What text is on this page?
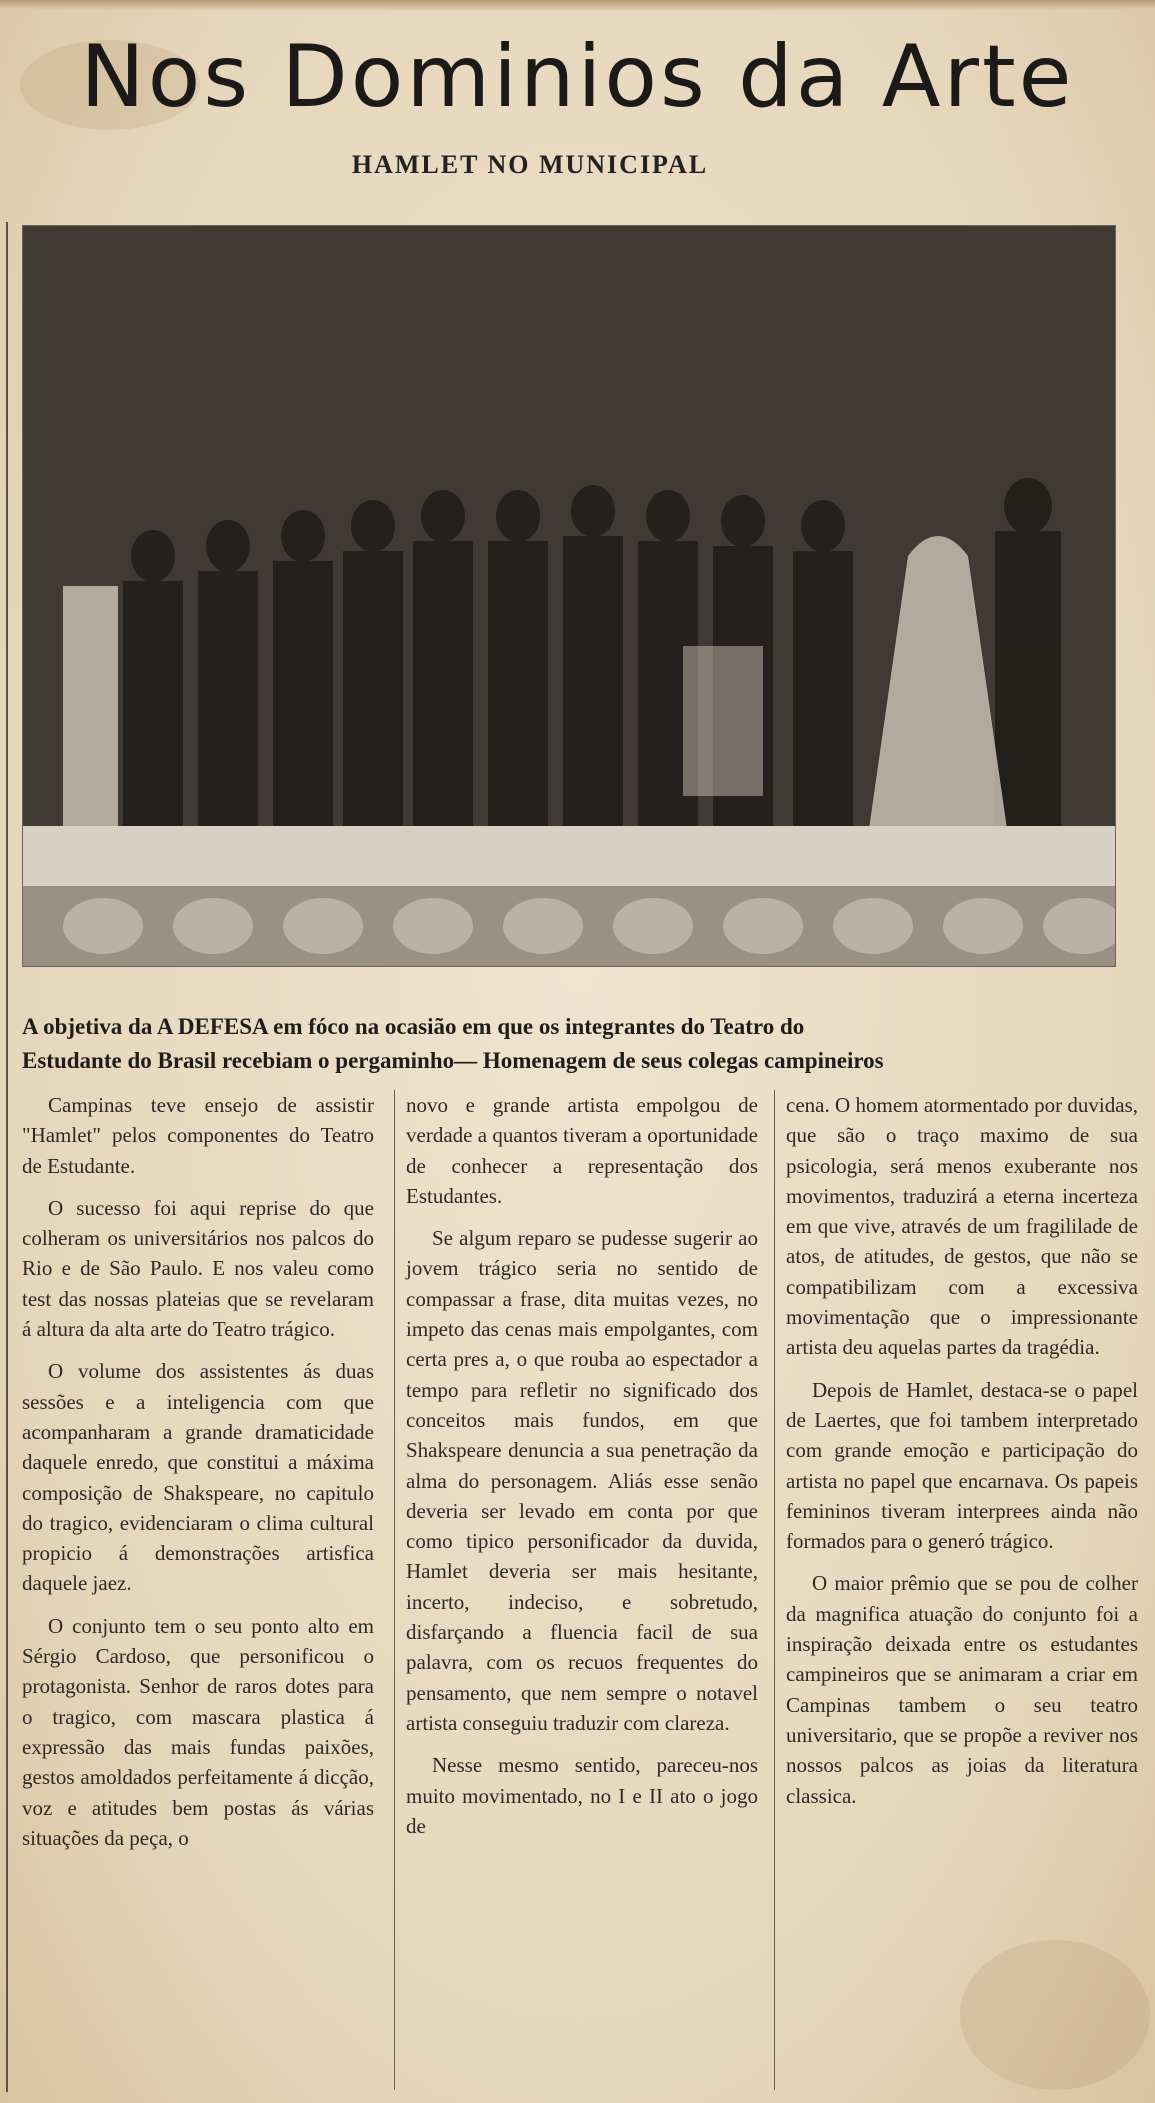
Nos Dominios da Arte
HAMLET NO MUNICIPAL
A objetiva da A DEFESA em fóco na ocasião em que os integrantes do Teatro do
Estudante do Brasil recebiam o pergaminho— Homenagem de seus colegas campineiros

Campinas teve ensejo de assistir "Hamlet" pelos componentes do Teatro de Estudante.

O sucesso foi aqui reprise do que colheram os universitários nos palcos do Rio e de São Paulo. E nos valeu como test das nossas plateias que se revelaram á altura da alta arte do Teatro trágico.

O volume dos assistentes ás duas sessões e a inteligencia com que acompanharam a grande dramaticidade daquele enredo, que constitui a máxima composição de Shakspeare, no capitulo do tragico, evidenciaram o clima cultural propicio á demonstrações artisfica daquele jaez.

O conjunto tem o seu ponto alto em Sérgio Cardoso, que personificou o protagonista. Senhor de raros dotes para o tragico, com mascara plastica á expressão das mais fundas paixões, gestos amoldados perfeitamente á dicção, voz e atitudes bem postas ás várias situações da peça, o

novo e grande artista empolgou de verdade a quantos tiveram a oportunidade de conhecer a representação dos Estudantes.

Se algum reparo se pudesse sugerir ao jovem trágico seria no sentido de compassar a frase, dita muitas vezes, no impeto das cenas mais empolgantes, com certa pres a, o que rouba ao espectador a tempo para refletir no significado dos conceitos mais fundos, em que Shakspeare denuncia a sua penetração da alma do personagem. Aliás esse senão deveria ser levado em conta por que como tipico personificador da duvida, Hamlet deveria ser mais hesitante, incerto, indeciso, e sobretudo, disfarçando a fluencia facil de sua palavra, com os recuos frequentes do pensamento, que nem sempre o notavel artista conseguiu traduzir com clareza.

Nesse mesmo sentido, pareceu-nos muito movimentado, no I e II ato o jogo de

cena. O homem atormentado por duvidas, que são o traço maximo de sua psicologia, será menos exuberante nos movimentos, traduzirá a eterna incerteza em que vive, através de um fragililade de atos, de atitudes, de gestos, que não se compatibilizam com a excessiva movimentação que o impressionante artista deu aquelas partes da tragédia.

Depois de Hamlet, destaca-se o papel de Laertes, que foi tambem interpretado com grande emoção e participação do artista no papel que encarnava. Os papeis femininos tiveram interprees ainda não formados para o generó trágico.

O maior prêmio que se pou de colher da magnifica atuação do conjunto foi a inspiração deixada entre os estudantes campineiros que se animaram a criar em Campinas tambem o seu teatro universitario, que se propõe a reviver nos nossos palcos as joias da literatura classica.
